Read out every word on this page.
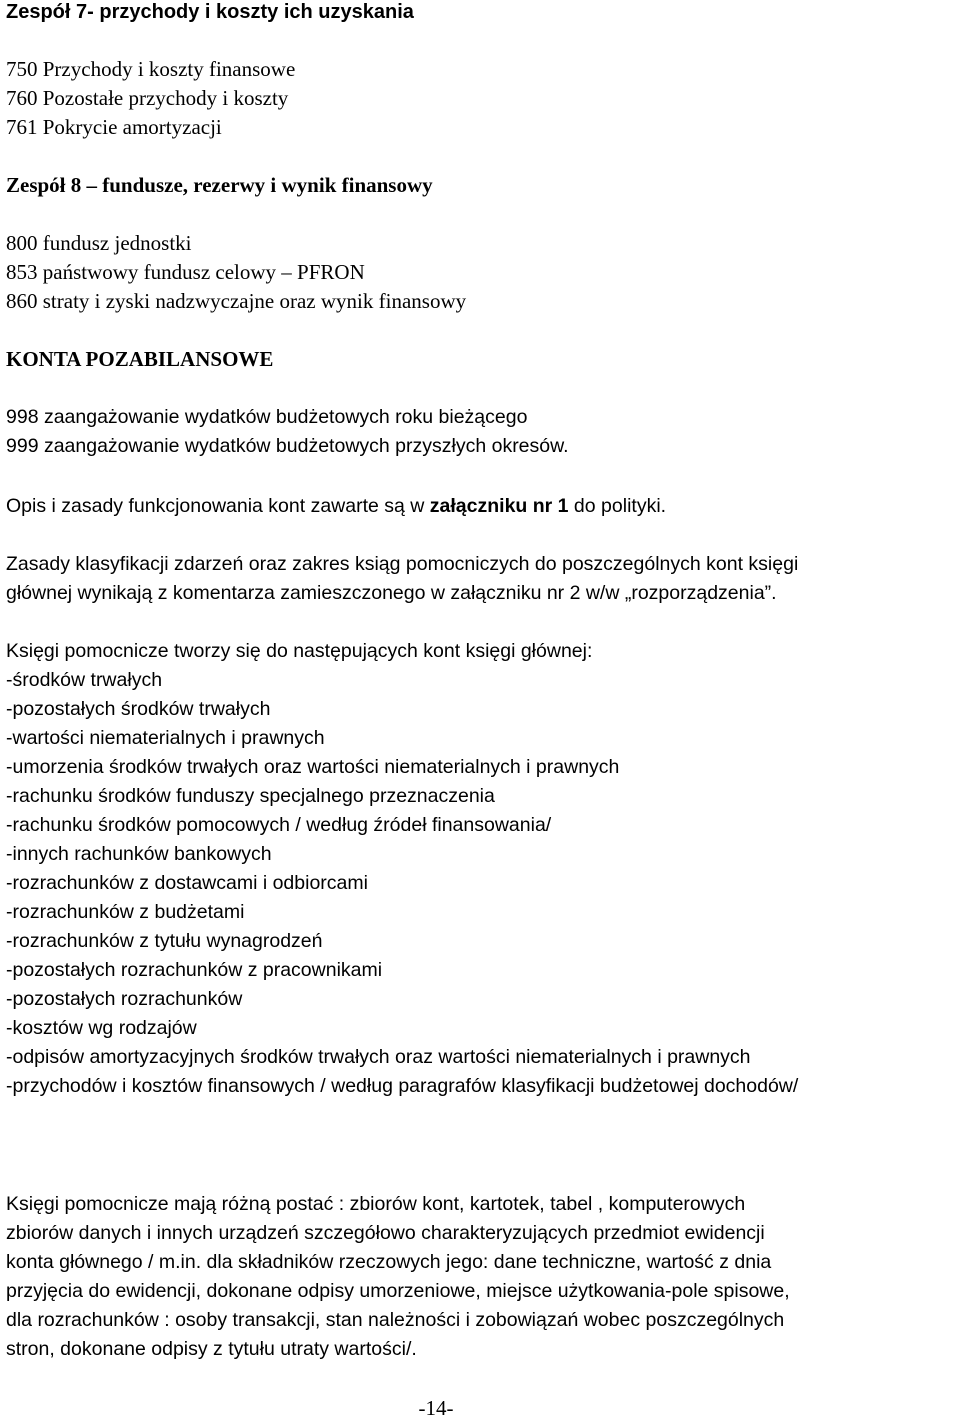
Zespół 7- przychody i koszty ich uzyskania

750 Przychody i koszty finansowe

760 Pozostałe przychody i koszty

761 Pokrycie amortyzacji

Zespół 8 – fundusze, rezerwy i wynik finansowy

800 fundusz jednostki

853 państwowy fundusz celowy – PFRON

860 straty i zyski nadzwyczajne oraz wynik finansowy

KONTA POZABILANSOWE

998 zaangażowanie wydatków budżetowych roku bieżącego

999 zaangażowanie wydatków budżetowych przyszłych okresów.

Opis i zasady funkcjonowania kont zawarte są w załączniku nr 1 do polityki.

Zasady klasyfikacji zdarzeń oraz zakres ksiąg pomocniczych do poszczególnych kont księgi

głównej wynikają z komentarza zamieszczonego w załączniku nr 2 w/w „rozporządzenia”.

Księgi pomocnicze tworzy się do następujących kont księgi głównej:

-środków trwałych

-pozostałych środków trwałych

-wartości niematerialnych i prawnych

-umorzenia środków trwałych oraz wartości niematerialnych i prawnych

-rachunku środków funduszy specjalnego przeznaczenia

-rachunku środków pomocowych / według źródeł finansowania/

-innych rachunków bankowych

-rozrachunków z dostawcami i odbiorcami

-rozrachunków z budżetami

-rozrachunków z tytułu wynagrodzeń

-pozostałych rozrachunków z pracownikami

-pozostałych rozrachunków

-kosztów wg rodzajów

-odpisów amortyzacyjnych środków trwałych oraz wartości niematerialnych i prawnych

-przychodów i kosztów finansowych / według paragrafów klasyfikacji budżetowej dochodów/

Księgi pomocnicze mają różną postać : zbiorów kont, kartotek, tabel , komputerowych

zbiorów danych i innych urządzeń szczegółowo charakteryzujących przedmiot ewidencji

konta głównego / m.in. dla składników rzeczowych jego: dane techniczne, wartość z dnia

przyjęcia do ewidencji, dokonane odpisy umorzeniowe, miejsce użytkowania-pole spisowe,

dla rozrachunków : osoby transakcji, stan należności i zobowiązań wobec poszczególnych

stron, dokonane odpisy z tytułu utraty wartości/.

-14-
